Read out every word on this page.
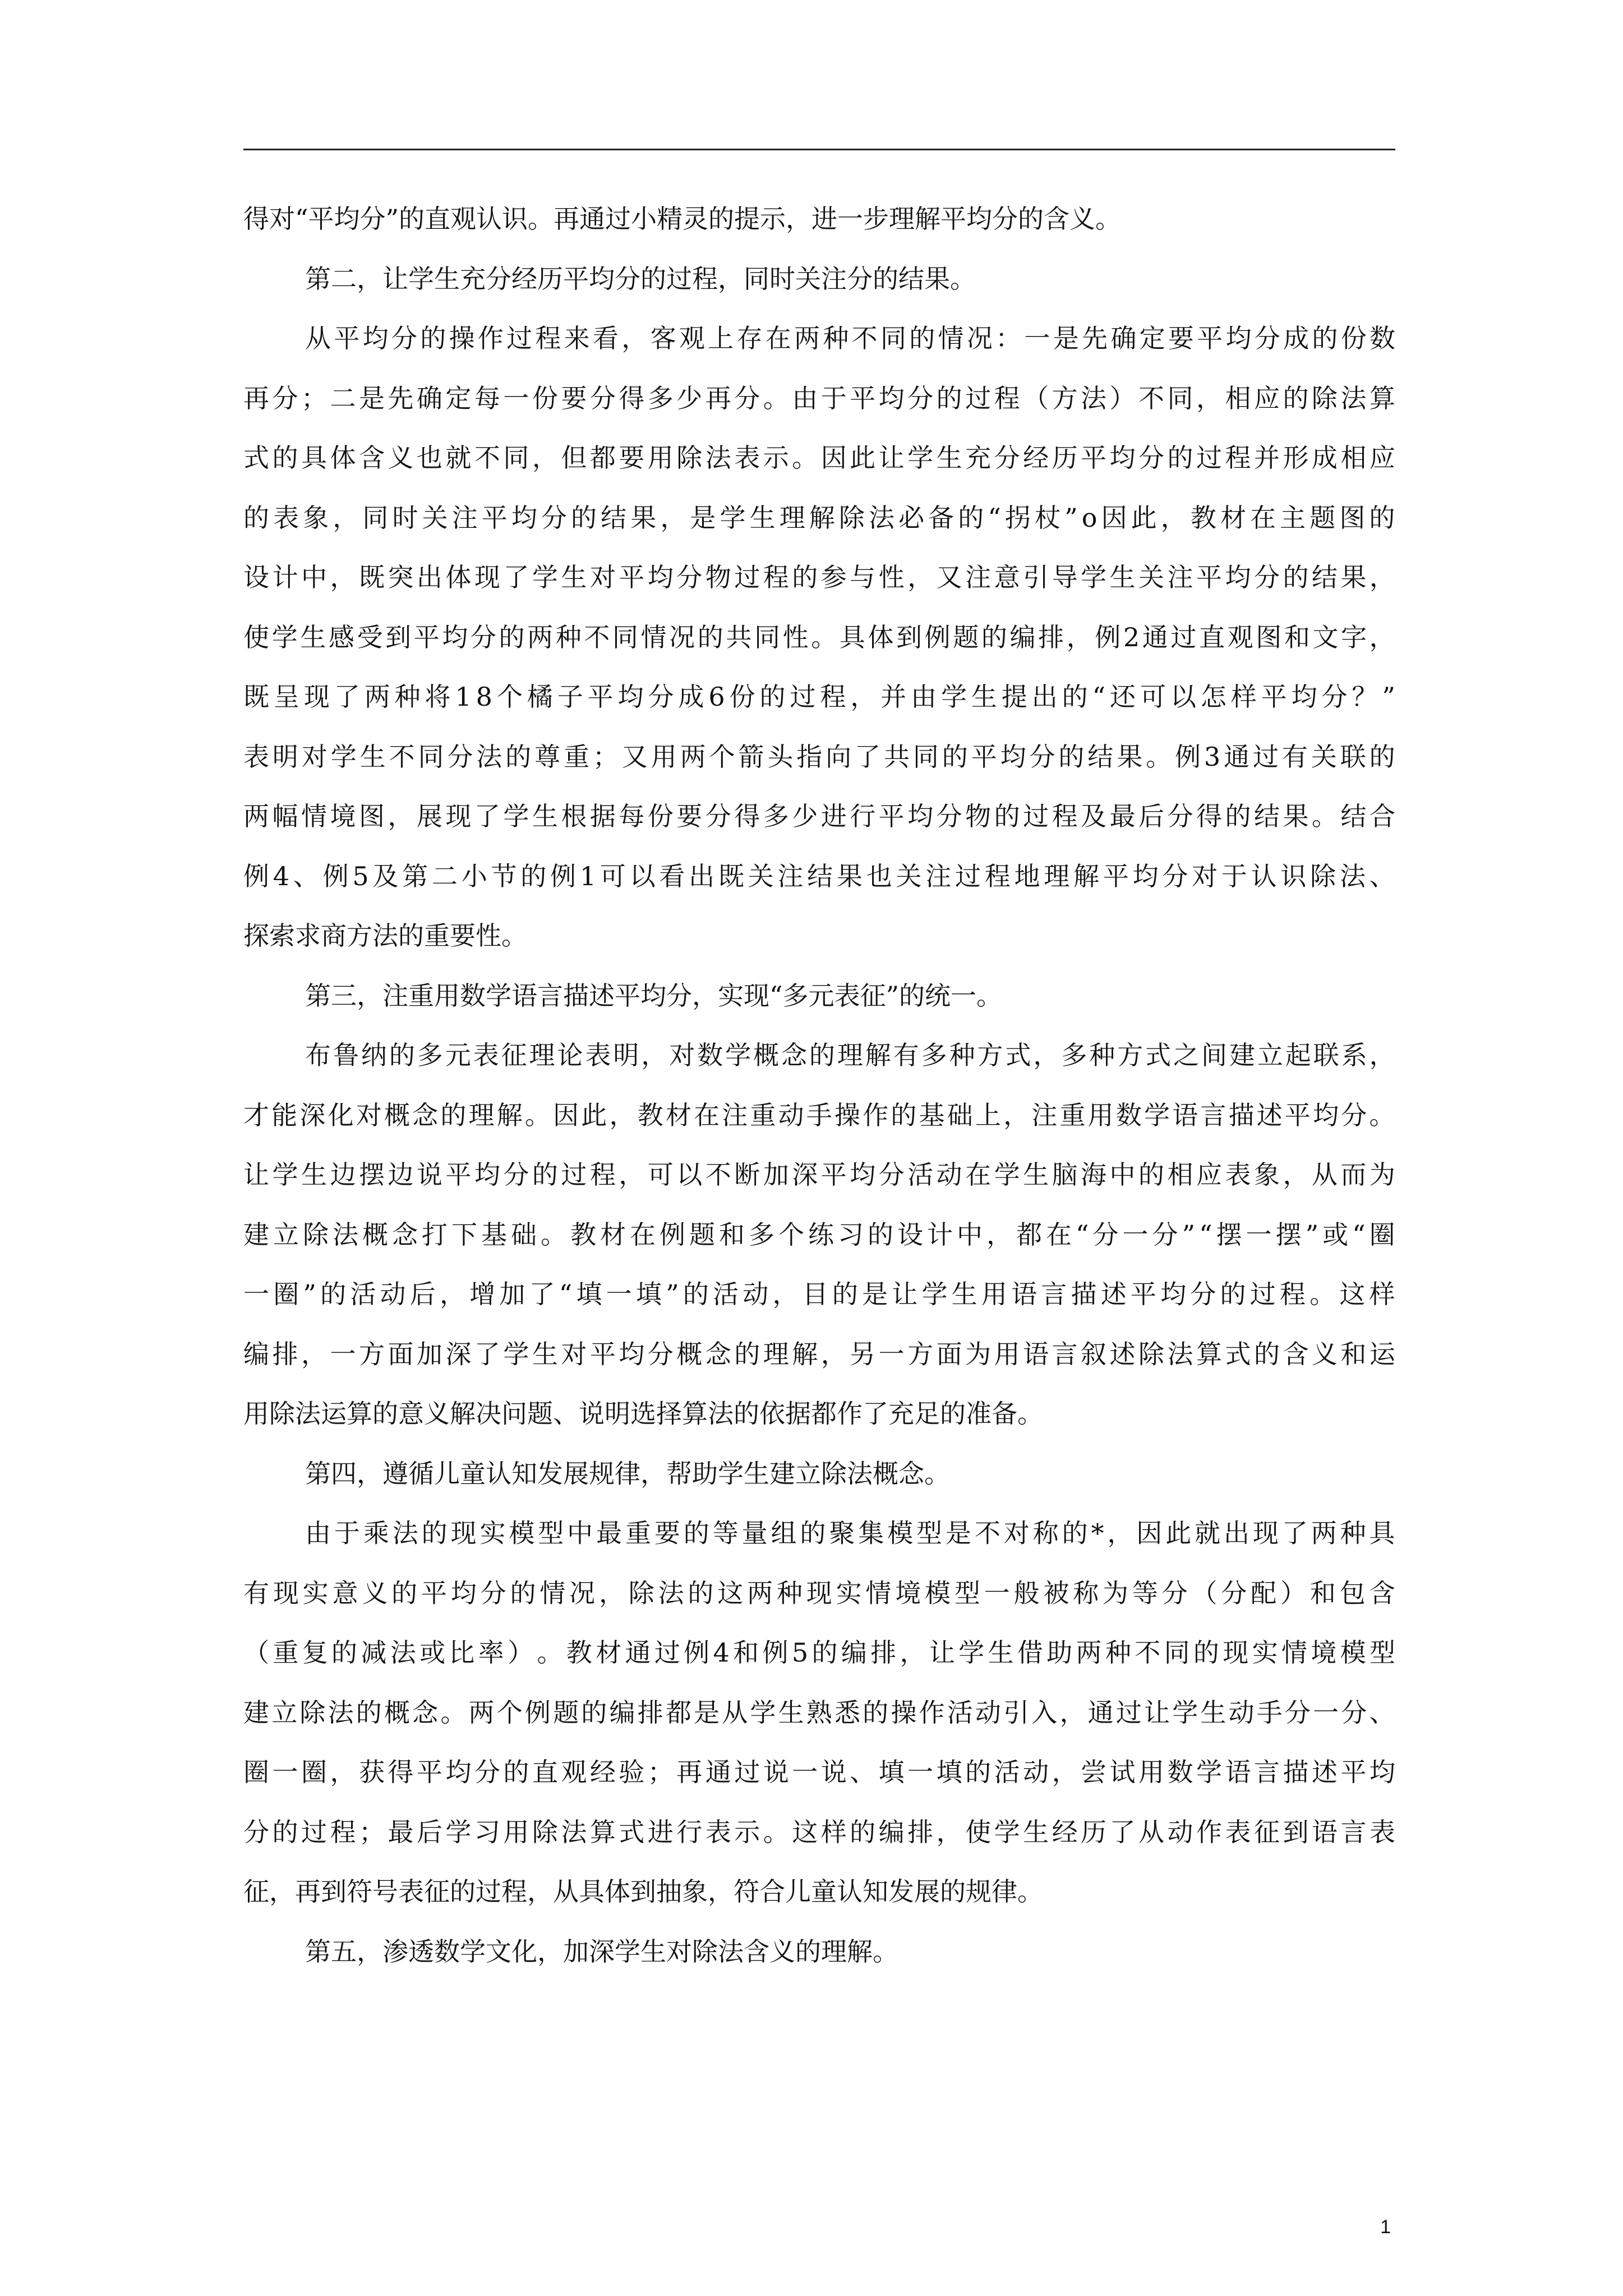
得对“平均分”的直观认识。再通过小精灵的提示，进一步理解平均分的含义。
第二，让学生充分经历平均分的过程，同时关注分的结果。
从 平 均 分 的 操 作 过 程 来 看 ， 客 观 上 存 在 两 种 不 同 的 情 况 ： 一 是 先 确 定 要 平 均 分 成 的 份 数
再 分 ； 二 是 先 确 定 每 一 份 要 分 得 多 少 再 分 。 由 于 平 均 分 的 过 程 （ 方 法 ） 不 同 ， 相 应 的 除 法 算
式 的 具 体 含 义 也 就 不 同 ， 但 都 要 用 除 法 表 示 。 因 此 让 学 生 充 分 经 历 平 均 分 的 过 程 并 形 成 相 应
的 表 象 ， 同 时 关 注 平 均 分 的 结 果 ， 是 学 生 理 解 除 法 必 备 的 “ 拐 杖 ” o 因 此 ， 教 材 在 主 题 图 的
设 计 中 ， 既 突 出 体 现 了 学 生 对 平 均 分 物 过 程 的 参 与 性 ， 又 注 意 引 导 学 生 关 注 平 均 分 的 结 果 ，
使 学 生 感 受 到 平 均 分 的 两 种 不 同 情 况 的 共 同 性 。 具 体 到 例 题 的 编 排 ， 例 2 通 过 直 观 图 和 文 字 ，
既 呈 现 了 两 种 将 1 8 个 橘 子 平 均 分 成 6 份 的 过 程 ， 并 由 学 生 提 出 的 “ 还 可 以 怎 样 平 均 分 ？ ”
表 明 对 学 生 不 同 分 法 的 尊 重 ； 又 用 两 个 箭 头 指 向 了 共 同 的 平 均 分 的 结 果 。 例 3 通 过 有 关 联 的
两 幅 情 境 图 ， 展 现 了 学 生 根 据 每 份 要 分 得 多 少 进 行 平 均 分 物 的 过 程 及 最 后 分 得 的 结 果 。 结 合
例 4 、 例 5 及 第 二 小 节 的 例 1 可 以 看 出 既 关 注 结 果 也 关 注 过 程 地 理 解 平 均 分 对 于 认 识 除 法 、
探索求商方法的重要性。
第三，注重用数学语言描述平均分，实现“多元表征”的统一。
布 鲁 纳 的 多 元 表 征 理 论 表 明 ， 对 数 学 概 念 的 理 解 有 多 种 方 式 ， 多 种 方 式 之 间 建 立 起 联 系 ，
才 能 深 化 对 概 念 的 理 解 。 因 此 ， 教 材 在 注 重 动 手 操 作 的 基 础 上 ， 注 重 用 数 学 语 言 描 述 平 均 分 。
让 学 生 边 摆 边 说 平 均 分 的 过 程 ， 可 以 不 断 加 深 平 均 分 活 动 在 学 生 脑 海 中 的 相 应 表 象 ， 从 而 为
建 立 除 法 概 念 打 下 基 础 。 教 材 在 例 题 和 多 个 练 习 的 设 计 中 ， 都 在 “ 分 一 分 ” “ 摆 一 摆 ” 或 “ 圈
一 圈 ” 的 活 动 后 ， 增 加 了 “ 填 一 填 ” 的 活 动 ， 目 的 是 让 学 生 用 语 言 描 述 平 均 分 的 过 程 。 这 样
编 排 ， 一 方 面 加 深 了 学 生 对 平 均 分 概 念 的 理 解 ， 另 一 方 面 为 用 语 言 叙 述 除 法 算 式 的 含 义 和 运
用除法运算的意义解决问题、说明选择算法的依据都作了充足的准备。
第四，遵循儿童认知发展规律，帮助学生建立除法概念。
由 于 乘 法 的 现 实 模 型 中 最 重 要 的 等 量 组 的 聚 集 模 型 是 不 对 称 的 * ， 因 此 就 出 现 了 两 种 具
有 现 实 意 义 的 平 均 分 的 情 况 ， 除 法 的 这 两 种 现 实 情 境 模 型 一 般 被 称 为 等 分 （ 分 配 ） 和 包 含
（ 重 复 的 减 法 或 比 率 ） 。 教 材 通 过 例 4 和 例 5 的 编 排 ， 让 学 生 借 助 两 种 不 同 的 现 实 情 境 模 型
建 立 除 法 的 概 念 。 两 个 例 题 的 编 排 都 是 从 学 生 熟 悉 的 操 作 活 动 引 入 ， 通 过 让 学 生 动 手 分 一 分 、
圈 一 圈 ， 获 得 平 均 分 的 直 观 经 验 ； 再 通 过 说 一 说 、 填 一 填 的 活 动 ， 尝 试 用 数 学 语 言 描 述 平 均
分 的 过 程 ； 最 后 学 习 用 除 法 算 式 进 行 表 示 。 这 样 的 编 排 ， 使 学 生 经 历 了 从 动 作 表 征 到 语 言 表
征，再到符号表征的过程，从具体到抽象，符合儿童认知发展的规律。
第五，渗透数学文化，加深学生对除法含义的理解。
1
